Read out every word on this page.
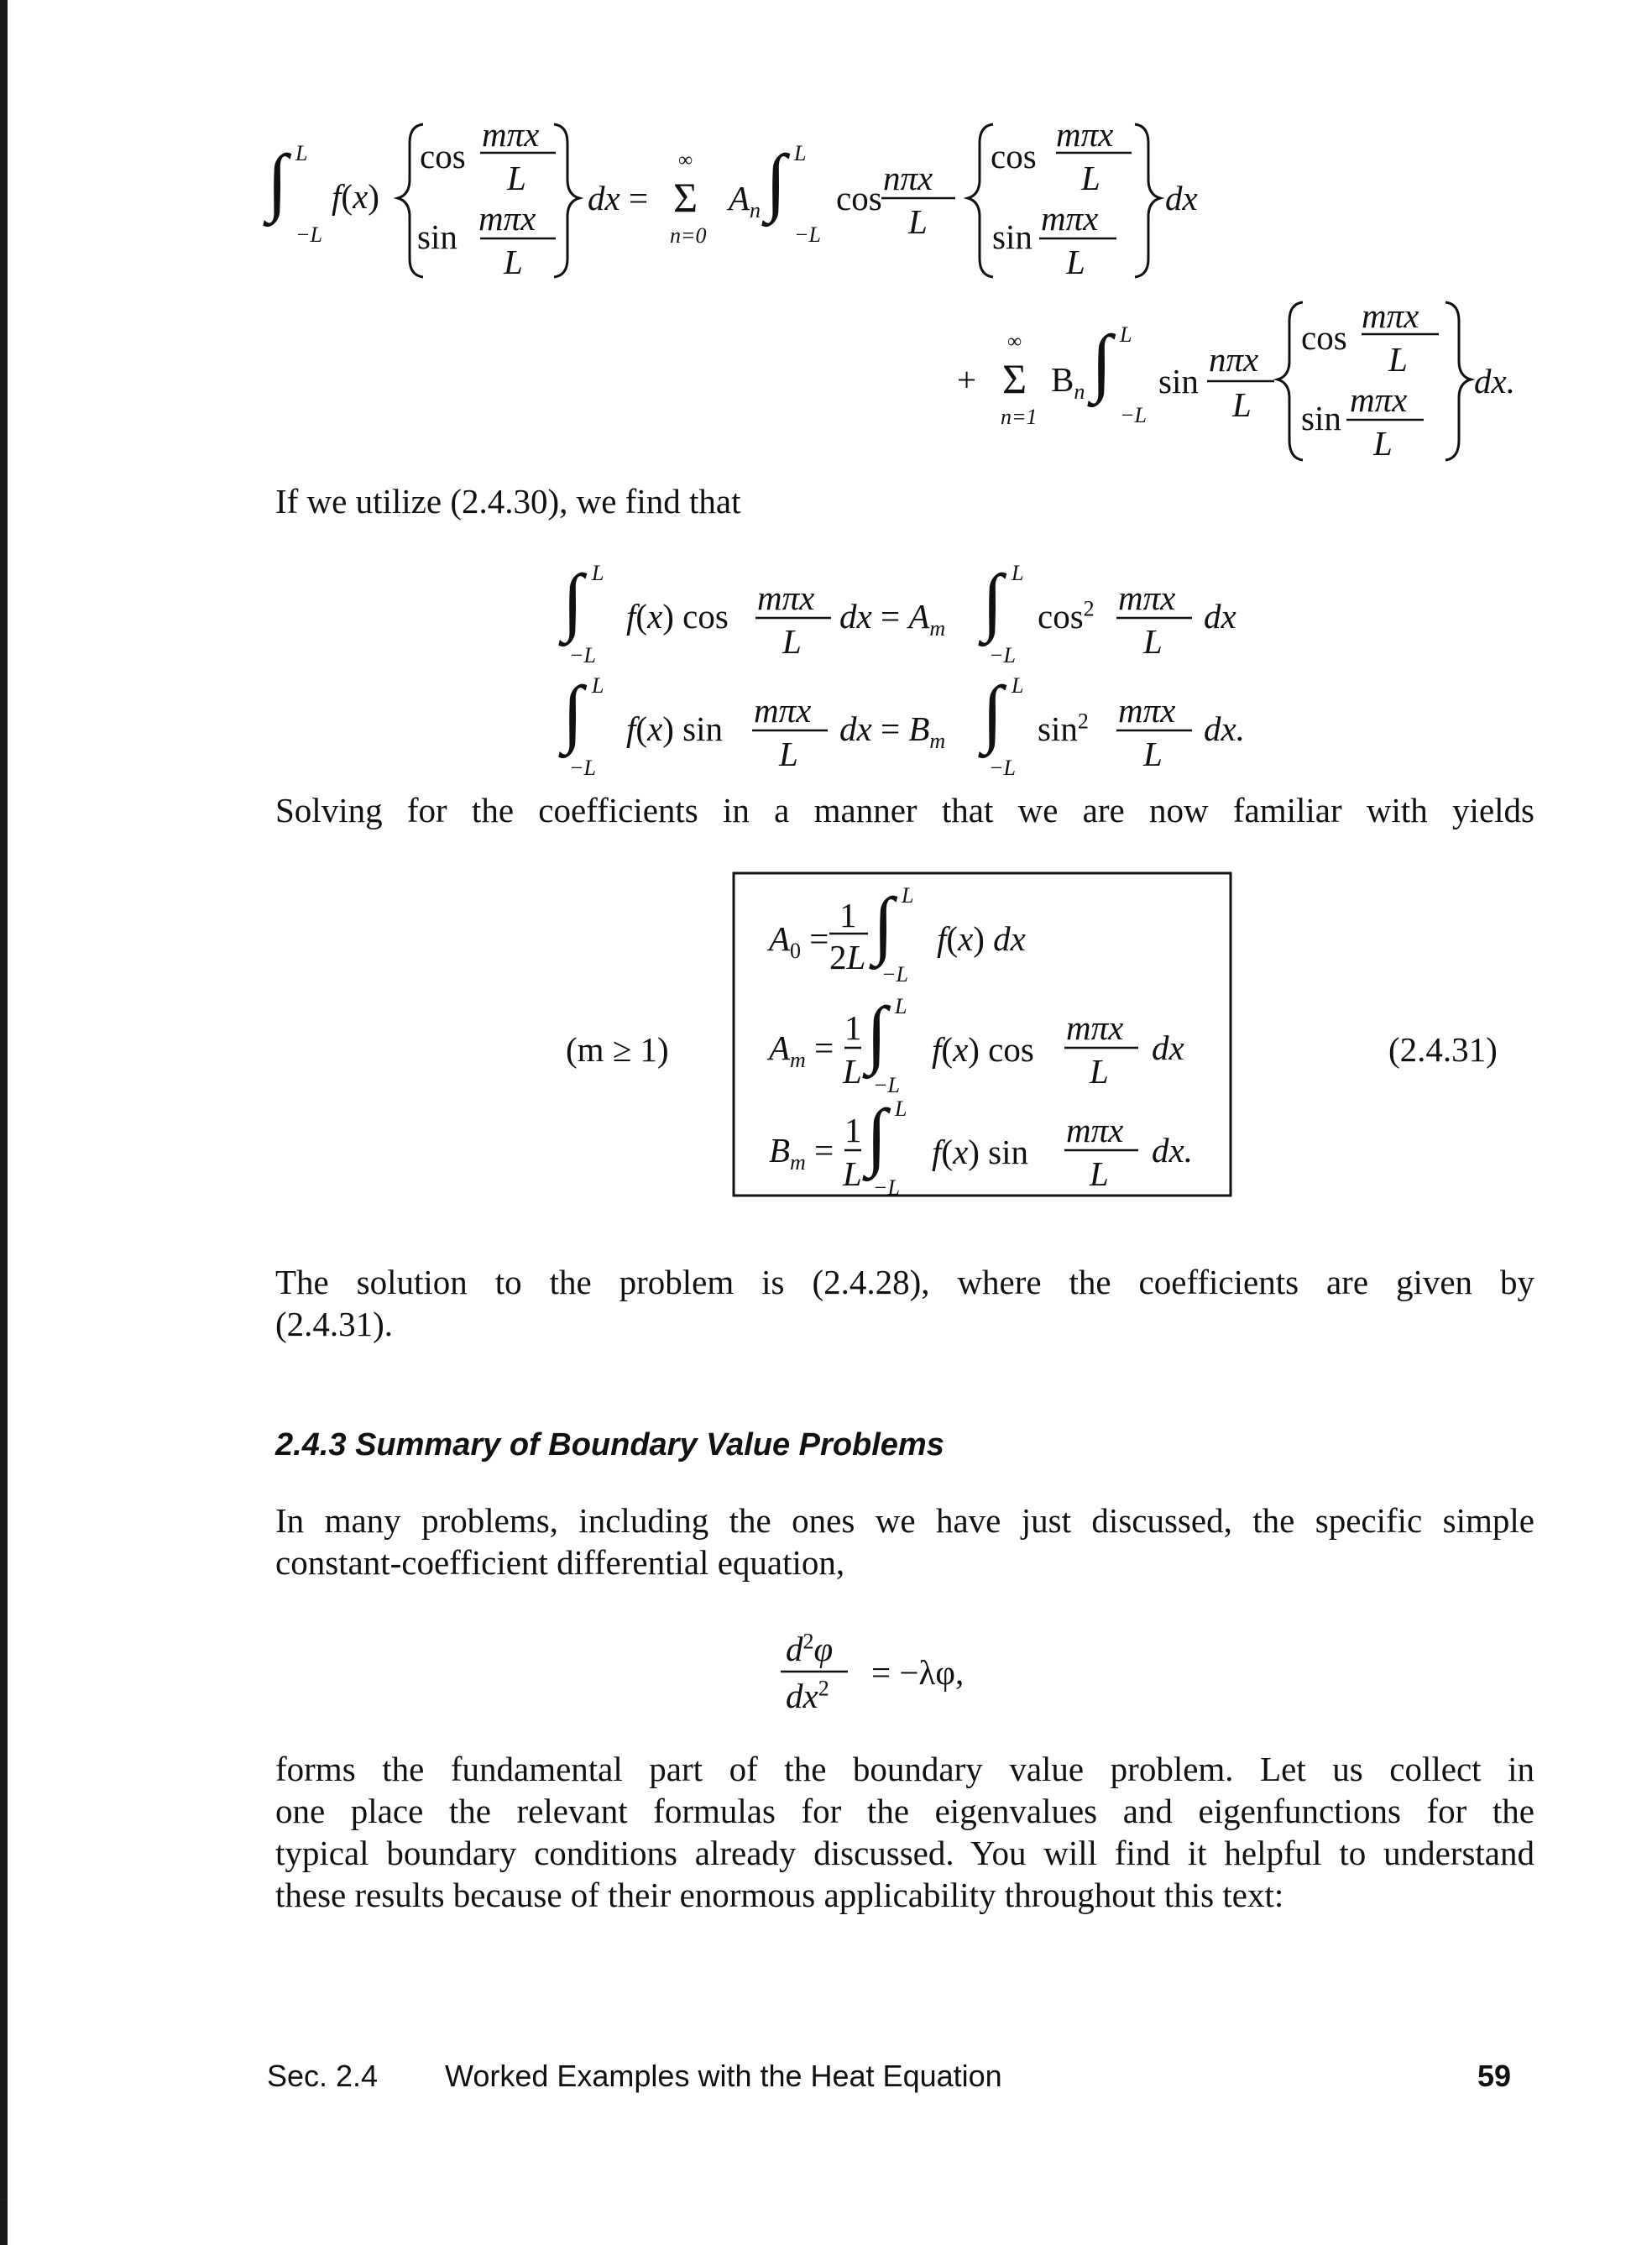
∫ L
−L
f(x)
cos
mπx
L
sin mπx
L
dx =
∞
Σ
n=0
$A_n$ ∫ L
−L
cos
nπx
L
cos
mπx
L
sin mπx
L
dx
+
∞
Σ
n=1
$B_n$ ∫ L
−L
sin
nπx
L
cos
mπx
L
sin mπx
L
dx.
If we utilize (2.4.30), we find that
∫ L
−L
f(x) cos mπx
L
dx = $A_m$ ∫ L
−L
$\cos^2 m\pi x$
L
dx
∫ L
−L
f(x) sin mπx
L
dx = $B_m$ ∫ L
−L
$\sin^2 m\pi x$
L
dx.
Solving for the coefficients in a manner that we are now familiar with yields
$A_0$ =
1
2L ∫ L
−L
f(x) dx
$A_m$ =
1
L ∫ L
−L
f(x) cos
mπx
L
dx
$B_m$ =
1
L ∫ L
−L
f(x) sin
mπx
L
dx.
(m ≥ 1)	(2.4.31)
The solution to the problem is (2.4.28), where the coefficients are given by
(2.4.31).
2.4.3 Summary of Boundary Value Problems
In many problems, including the ones we have just discussed, the specific simple
constant-coefficient differential equation,
$d^2\varphi$
$dx^2 = -\lambda\varphi$,
forms the fundamental part of the boundary value problem. Let us collect in
one place the relevant formulas for the eigenvalues and eigenfunctions for the
typical boundary conditions already discussed. You will find it helpful to understand
these results because of their enormous applicability throughout this text:
Sec. 2.4 Worked Examples with the Heat Equation	59
∫_{-L}^{L} f(x) {cos mπx/L ; sin mπx/L} dx = Σ_{n=0}^{∞} A_n ∫_{-L}^{L} cos nπx/L {cos mπx/L ; sin mπx/L} dx + Σ_{n=1}^{∞} B_n ∫_{-L}^{L} sin nπx/L {cos mπx/L ; sin mπx/L} dx. ∫_{-L}^{L} f(x) cos mπx/L dx = A_m ∫_{-L}^{L} cos² mπx/L dx ∫_{-L}^{L} f(x) sin mπx/L dx = B_m ∫_{-L}^{L} sin² mπx/L dx. A_0 = 1/(2L) ∫_{-L}^{L} f(x) dx A_m = 1/L ∫_{-L}^{L} f(x) cos mπx/L dx B_m = 1/L ∫_{-L}^{L} f(x) sin mπx/L dx. d²φ/dx² = −λφ,
